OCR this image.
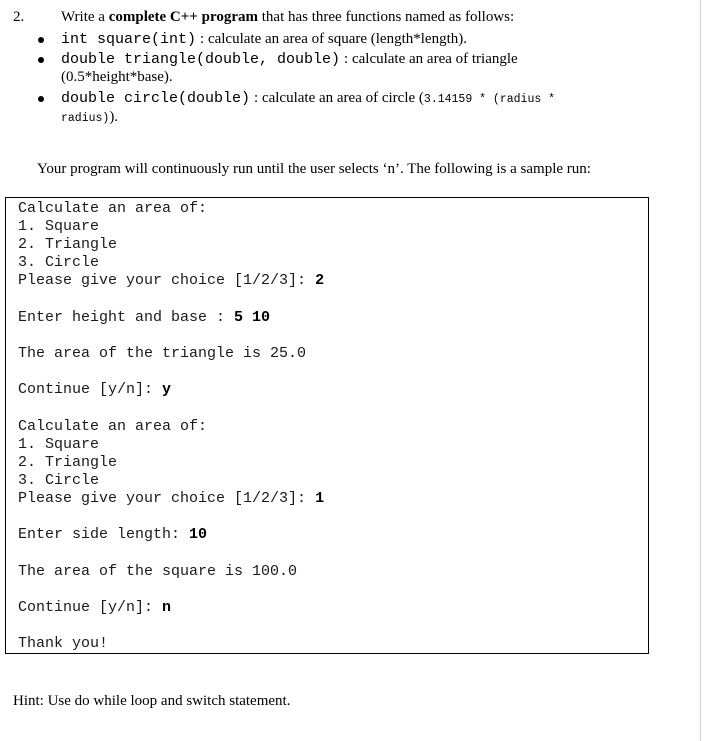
2. Write a complete C++ program that has three functions named as follows:
int square(int) : calculate an area of square (length*length).
double triangle(double, double) : calculate an area of triangle
(0.5*height*base).
double circle(double) : calculate an area of circle (3.14159 * (radius *
radius)).
Your program will continuously run until the user selects ‘n’. The following is a sample run:
Calculate an area of:
1. Square
2. Triangle
3. Circle
Please give your choice [1/2/3]: 2
Enter height and base : 5 10
The area of the triangle is 25.0
Continue [y/n]: y
Calculate an area of:
1. Square
2. Triangle
3. Circle
Please give your choice [1/2/3]: 1
Enter side length: 10
The area of the square is 100.0
Continue [y/n]: n
Thank you!
Hint: Use do while loop and switch statement.
